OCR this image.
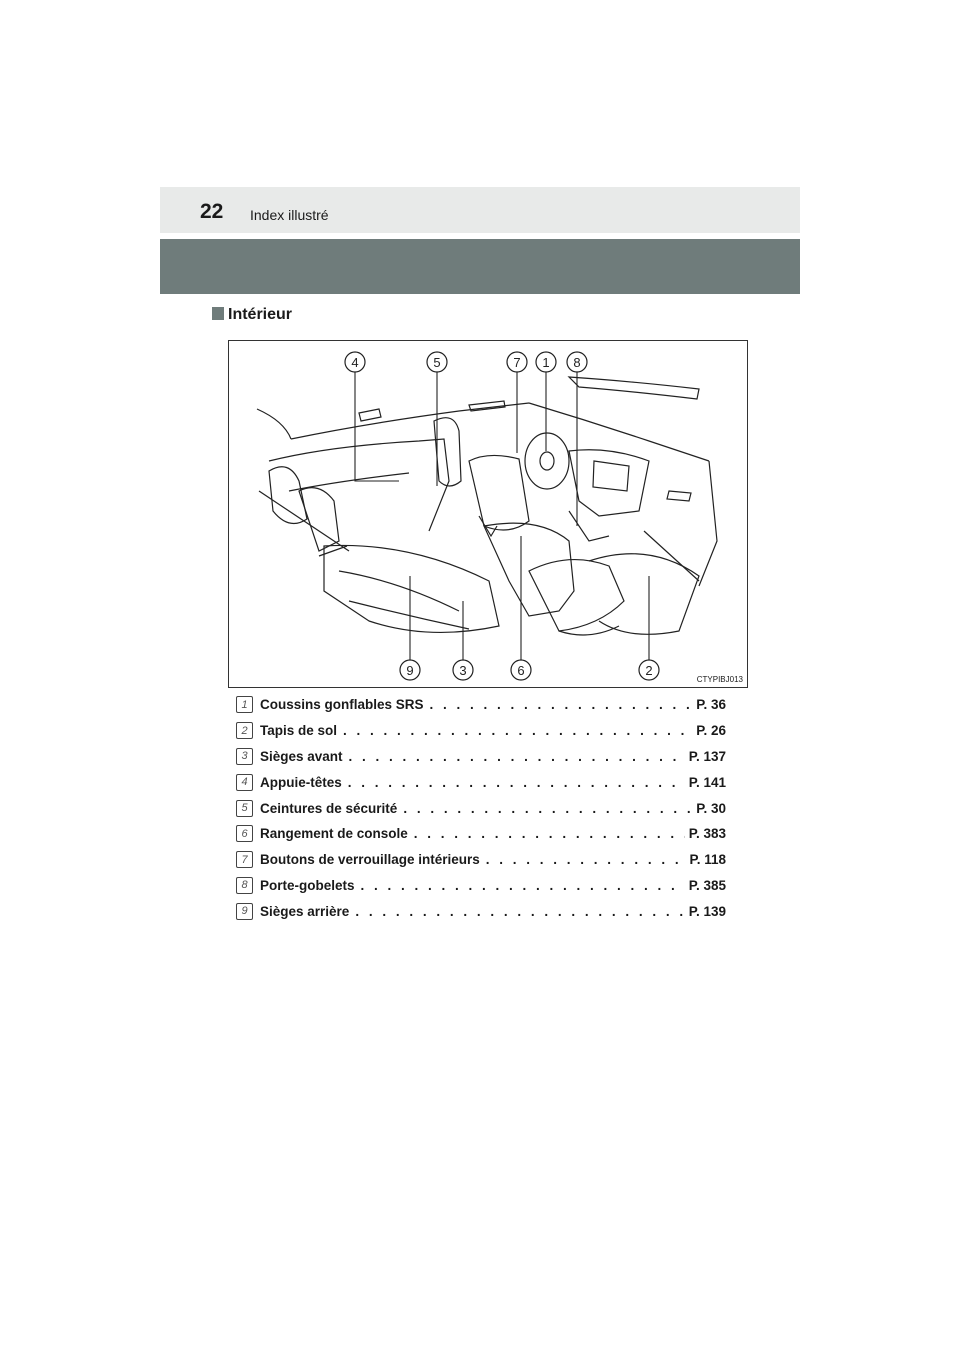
22 Index illustré
Intérieur
4	5	7 1 8
9	3	6	2
CTYPIBJ013
1 Coussins gonflables SRS . . .	P. 36
2 Tapis de sol . . .	P. 26
3 Sièges avant . . .	P. 137
4 Appuie-têtes . . .	P. 141
5 Ceintures de sécurité . . .	P. 30
6 Rangement de console . . .	P. 383
7 Boutons de verrouillage intérieurs . . .	P. 118
8 Porte-gobelets . . .	P. 385
9 Sièges arrière . . .	P. 139
